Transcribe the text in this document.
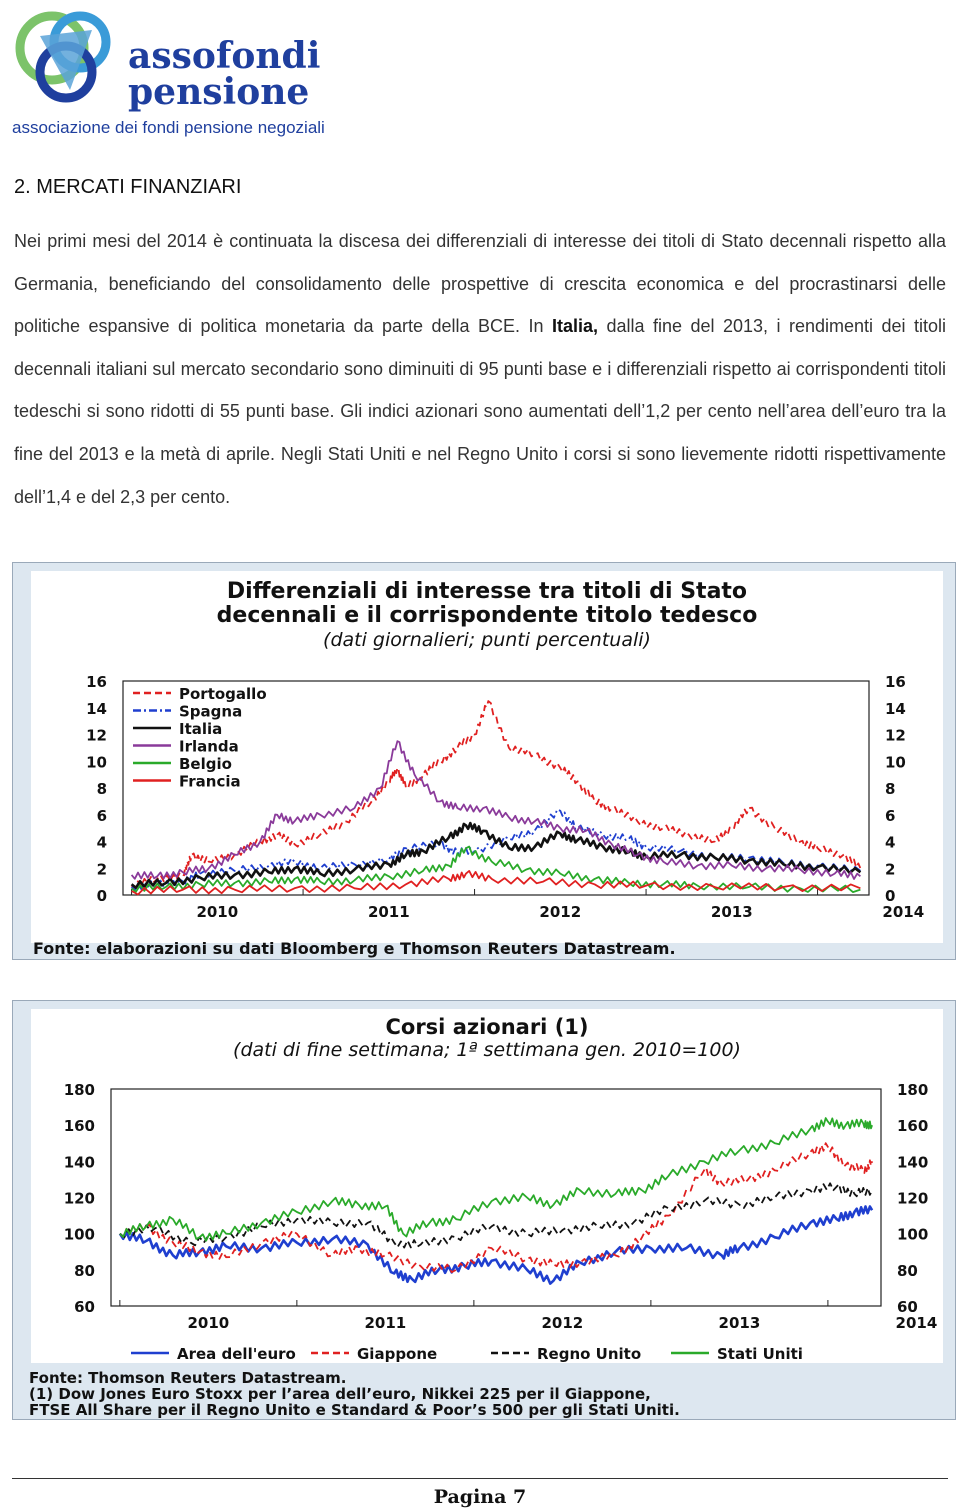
assofondi
pensione
associazione dei fondi pensione negoziali
2. MERCATI FINANZIARI

Nei primi mesi del 2014 è continuata la discesa dei differenziali di interesse dei titoli di Stato decennali rispetto alla Germania, beneficiando del consolidamento delle prospettive di crescita economica e del procrastinarsi delle politiche espansive di politica monetaria da parte della BCE. In Italia, dalla fine del 2013, i rendimenti dei titoli decennali italiani sul mercato secondario sono diminuiti di 95 punti base e i differenziali rispetto ai corrispondenti titoli tedeschi si sono ridotti di 55 punti base. Gli indici azionari sono aumentati dell’1,2 per cento nell’area dell’euro tra la fine del 2013 e la metà di aprile. Negli Stati Uniti e nel Regno Unito i corsi si sono lievemente ridotti rispettivamente dell’1,4 e del 2,3 per cento.

Differenziali di interesse tra titoli di Stato
decennali e il corrispondente titolo tedesco
(dati giornalieri; punti percentuali)
0	0
2	2
4	4
6	6
8	8
10	10
12	12
14	14
16	16
2010	2011	2012	2013	2014
Portogallo
Spagna
Italia
Irlanda
Belgio
Francia
Fonte: elaborazioni su dati Bloomberg e Thomson Reuters Datastream.
Corsi azionari (1)
(dati di fine settimana; 1ª settimana gen. 2010=100)
60	60
80	80
100	100
120	120
140	140
160	160
180	180
2010	2011	2012	2013	2014
Area dell'euro	Giappone	Regno Unito	Stati Uniti
Fonte: Thomson Reuters Datastream.
(1) Dow Jones Euro Stoxx per l’area dell’euro, Nikkei 225 per il Giappone,
FTSE All Share per il Regno Unito e Standard & Poor’s 500 per gli Stati Uniti.
Pagina 7
